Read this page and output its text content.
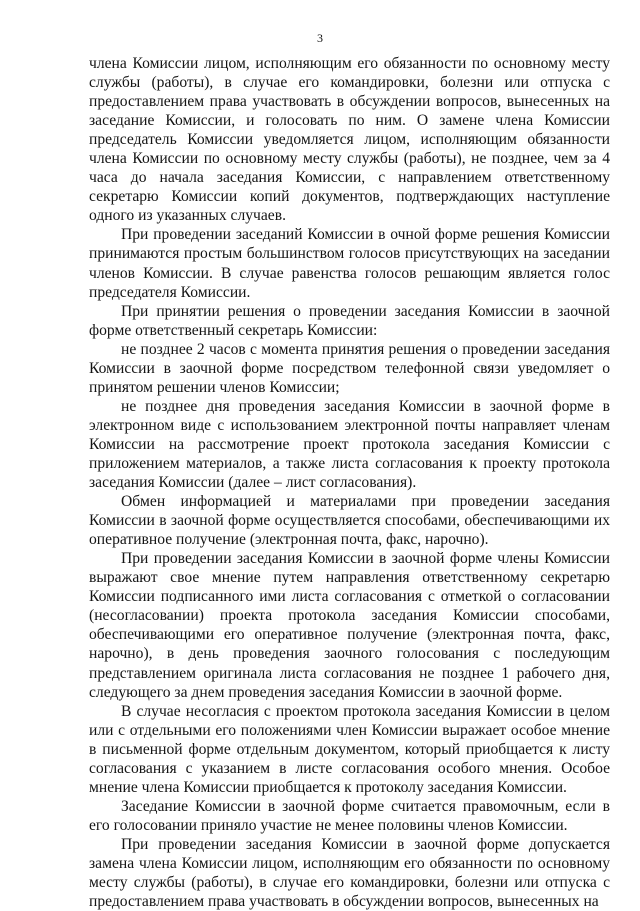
3

члена Комиссии лицом, исполняющим его обязанности по основному месту службы (работы), в случае его командировки, болезни или отпуска с предоставлением права участвовать в обсуждении вопросов, вынесенных на заседание Комиссии, и голосовать по ним. О замене члена Комиссии председатель Комиссии уведомляется лицом, исполняющим обязанности члена Комиссии по основному месту службы (работы), не позднее, чем за 4 часа до начала заседания Комиссии, с направлением ответственному секретарю Комиссии копий документов, подтверждающих наступление одного из указанных случаев.

При проведении заседаний Комиссии в очной форме решения Комиссии принимаются простым большинством голосов присутствующих на заседании членов Комиссии. В случае равенства голосов решающим является голос председателя Комиссии.

При принятии решения о проведении заседания Комиссии в заочной форме ответственный секретарь Комиссии:

не позднее 2 часов с момента принятия решения о проведении заседания Комиссии в заочной форме посредством телефонной связи уведомляет о принятом решении членов Комиссии;

не позднее дня проведения заседания Комиссии в заочной форме в электронном виде с использованием электронной почты направляет членам Комиссии на рассмотрение проект протокола заседания Комиссии с приложением материалов, а также листа согласования к проекту протокола заседания Комиссии (далее – лист согласования).

Обмен информацией и материалами при проведении заседания Комиссии в заочной форме осуществляется способами, обеспечивающими их оперативное получение (электронная почта, факс, нарочно).

При проведении заседания Комиссии в заочной форме члены Комиссии выражают свое мнение путем направления ответственному секретарю Комиссии подписанного ими листа согласования с отметкой о согласовании (несогласовании) проекта протокола заседания Комиссии способами, обеспечивающими его оперативное получение (электронная почта, факс, нарочно), в день проведения заочного голосования с последующим представлением оригинала листа согласования не позднее 1 рабочего дня, следующего за днем проведения заседания Комиссии в заочной форме.

В случае несогласия с проектом протокола заседания Комиссии в целом или с отдельными его положениями член Комиссии выражает особое мнение в письменной форме отдельным документом, который приобщается к листу согласования с указанием в листе согласования особого мнения. Особое мнение члена Комиссии приобщается к протоколу заседания Комиссии.

Заседание Комиссии в заочной форме считается правомочным, если в его голосовании приняло участие не менее половины членов Комиссии.

При проведении заседания Комиссии в заочной форме допускается замена члена Комиссии лицом, исполняющим его обязанности по основному месту службы (работы), в случае его командировки, болезни или отпуска с предоставлением права участвовать в обсуждении вопросов, вынесенных на
